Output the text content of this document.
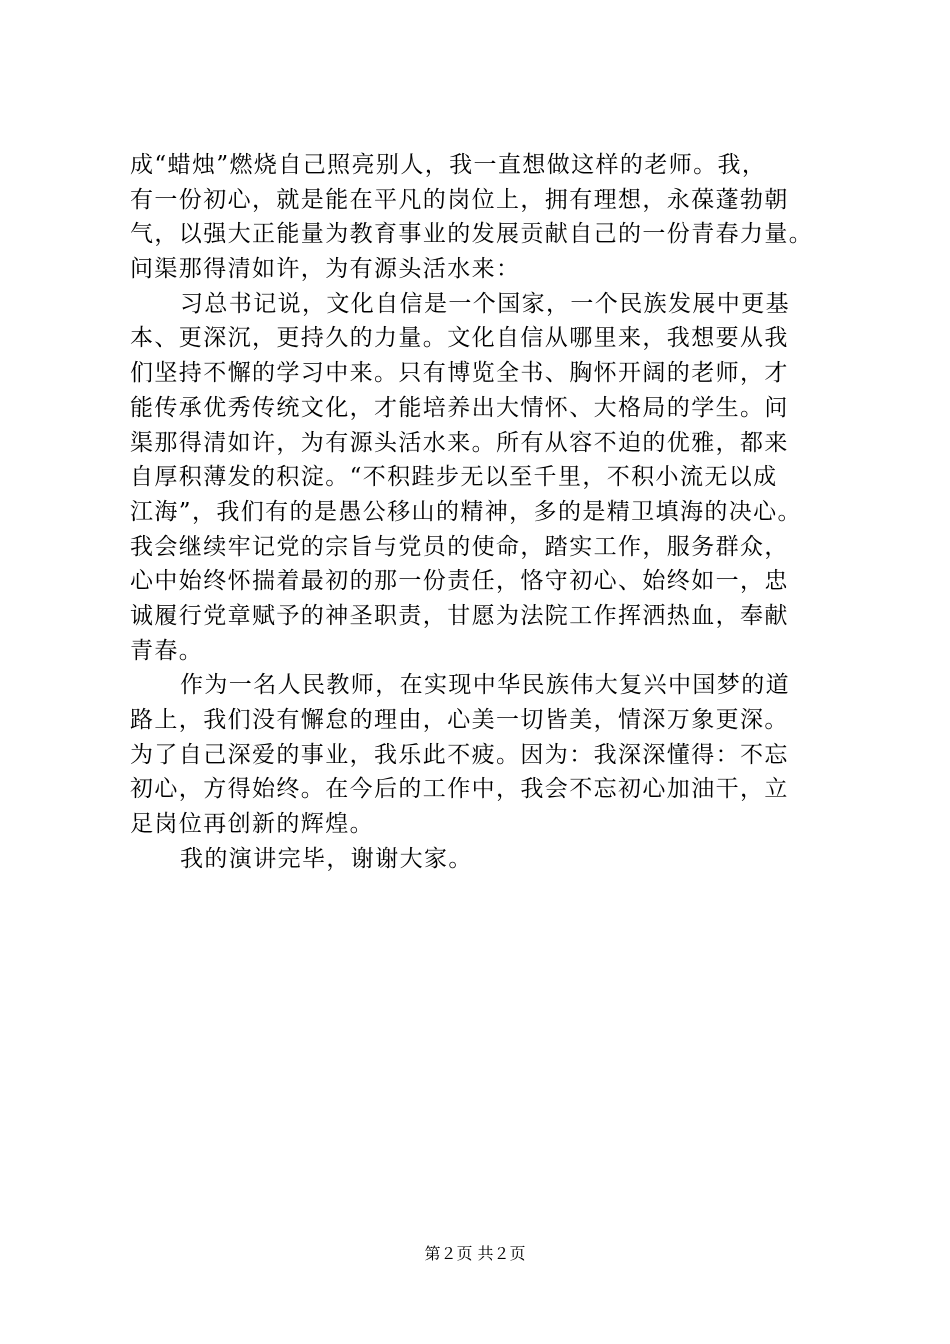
成“蜡烛”燃烧自己照亮别人，我一直想做这样的老师。我，
有一份初心，就是能在平凡的岗位上，拥有理想，永葆蓬勃朝
气，以强大正能量为教育事业的发展贡献自己的一份青春力量。
问渠那得清如许，为有源头活水来：
习总书记说，文化自信是一个国家，一个民族发展中更基
本、更深沉，更持久的力量。文化自信从哪里来，我想要从我
们坚持不懈的学习中来。只有博览全书、胸怀开阔的老师，才
能传承优秀传统文化，才能培养出大情怀、大格局的学生。问
渠那得清如许，为有源头活水来。所有从容不迫的优雅，都来
自厚积薄发的积淀。“不积跬步无以至千里，不积小流无以成
江海”，我们有的是愚公移山的精神，多的是精卫填海的决心。
我会继续牢记党的宗旨与党员的使命，踏实工作，服务群众，
心中始终怀揣着最初的那一份责任，恪守初心、始终如一，忠
诚履行党章赋予的神圣职责，甘愿为法院工作挥洒热血，奉献
青春。
作为一名人民教师，在实现中华民族伟大复兴中国梦的道
路上，我们没有懈怠的理由，心美一切皆美，情深万象更深。
为了自己深爱的事业，我乐此不疲。因为：我深深懂得：不忘
初心，方得始终。在今后的工作中，我会不忘初心加油干，立
足岗位再创新的辉煌。
我的演讲完毕，谢谢大家。
第２页 共２页
